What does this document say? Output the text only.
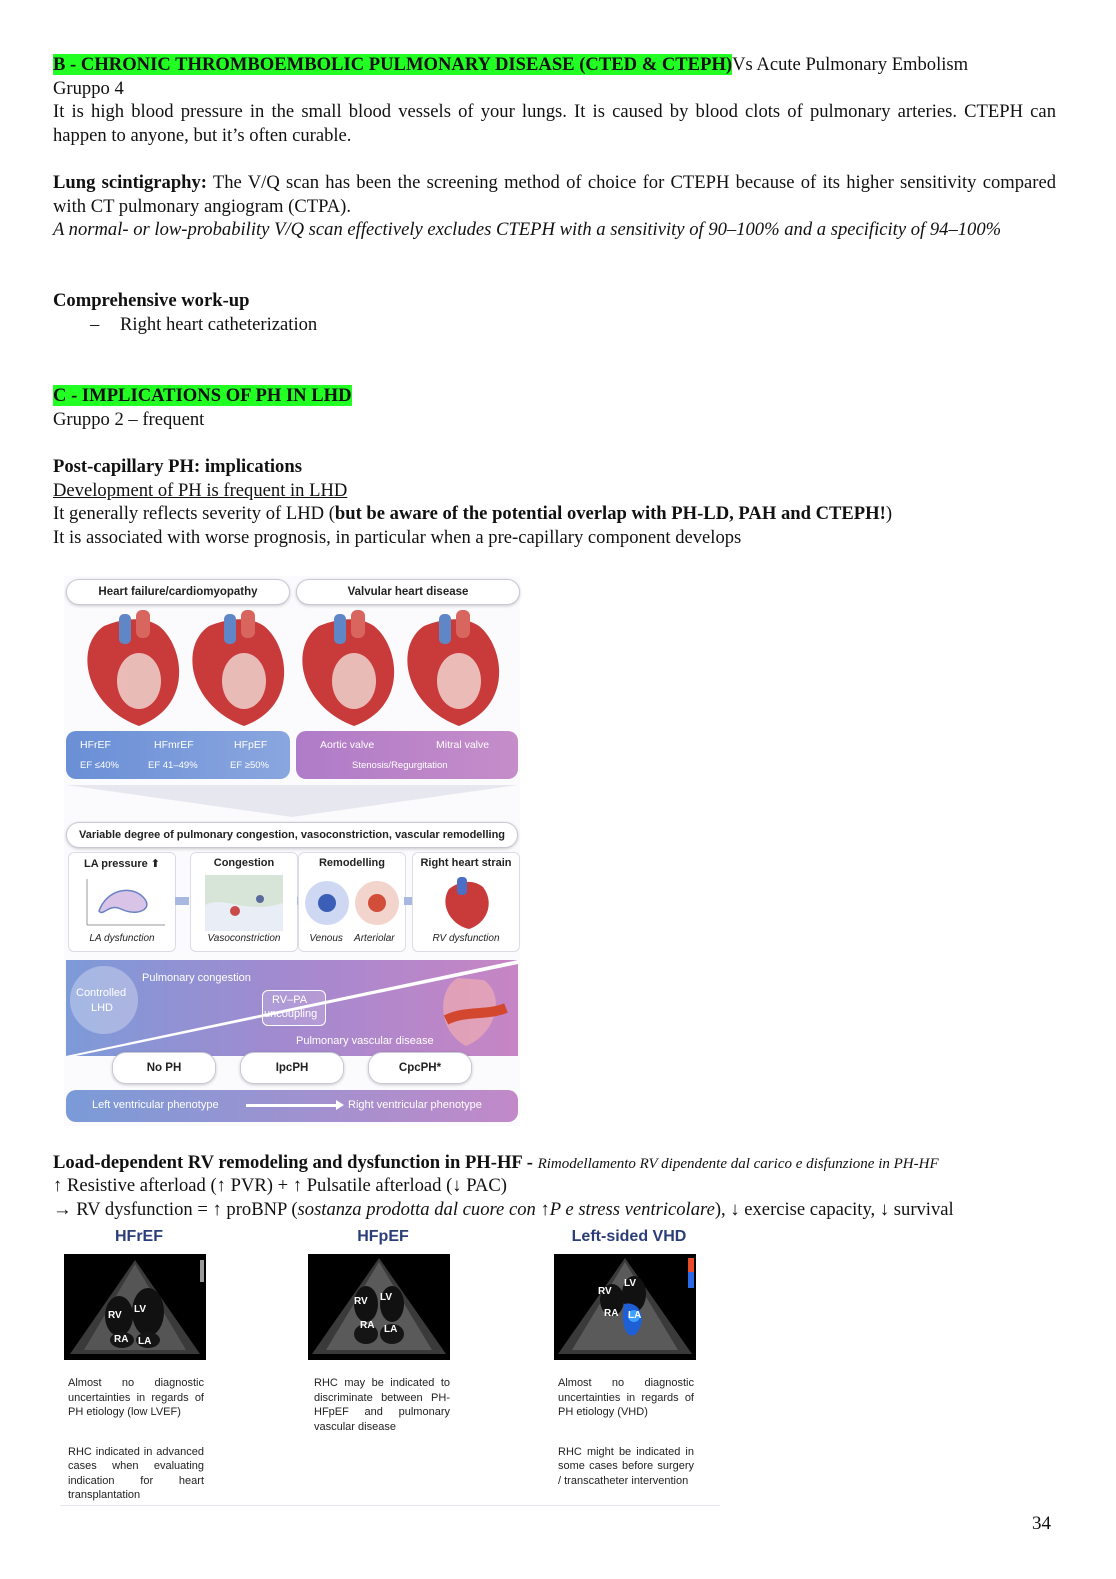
B - CHRONIC THROMBOEMBOLIC PULMONARY DISEASE (CTED & CTEPH)Vs Acute Pulmonary Embolism
Gruppo 4
It is high blood pressure in the small blood vessels of your lungs. It is caused by blood clots of pulmonary arteries. CTEPH can happen to anyone, but it’s often curable.
Lung scintigraphy: The V/Q scan has been the screening method of choice for CTEPH because of its higher sensitivity compared with CT pulmonary angiogram (CTPA).
A normal- or low-probability V/Q scan effectively excludes CTEPH with a sensitivity of 90–100% and a specificity of 94–100%
Comprehensive work-up
– Right heart catheterization
C - IMPLICATIONS OF PH IN LHD
Gruppo 2 – frequent
Post-capillary PH: implications
Development of PH is frequent in LHD
It generally reflects severity of LHD (but be aware of the potential overlap with PH-LD, PAH and CTEPH!)
It is associated with worse prognosis, in particular when a pre-capillary component develops
Heart failure/cardiomyopathy	Valvular heart disease
HFrEF	HFmrEF	HFpEF
EF ≤40%	EF 41–49%	EF ≥50%
Aortic valve	Mitral valve
Stenosis/Regurgitation
Variable degree of pulmonary congestion, vasoconstriction, vascular remodelling
LA pressure ⬆
LA dysfunction
Congestion
Vasoconstriction
Remodelling
Venous Arteriolar
Right heart strain
RV dysfunction
Pulmonary congestion
Controlled
LHD
RV–PA
uncoupling
Pulmonary vascular disease
No PH	IpcPH	CpcPH*
Left ventricular phenotype	Right ventricular phenotype
Load-dependent RV remodeling and dysfunction in PH-HF - Rimodellamento RV dipendente dal carico e disfunzione in PH-HF
↑ Resistive afterload (↑ PVR) + ↑ Pulsatile afterload (↓ PAC)
→ RV dysfunction = ↑ proBNP (sostanza prodotta dal cuore con ↑P e stress ventricolare), ↓ exercise capacity, ↓ survival
HFrEF
RV
LV
RA LA
Almost no diagnostic uncertainties in regards of PH etiology (low LVEF)
RHC indicated in advanced cases when evaluating indication for heart transplantation
HFpEF
RV LV
RA LA
RHC may be indicated to discriminate between PH-HFpEF and pulmonary vascular disease
Left-sided VHD
RV
LV
RA LA
Almost no diagnostic uncertainties in regards of PH etiology (VHD)
RHC might be indicated in some cases before surgery / transcatheter intervention
34
